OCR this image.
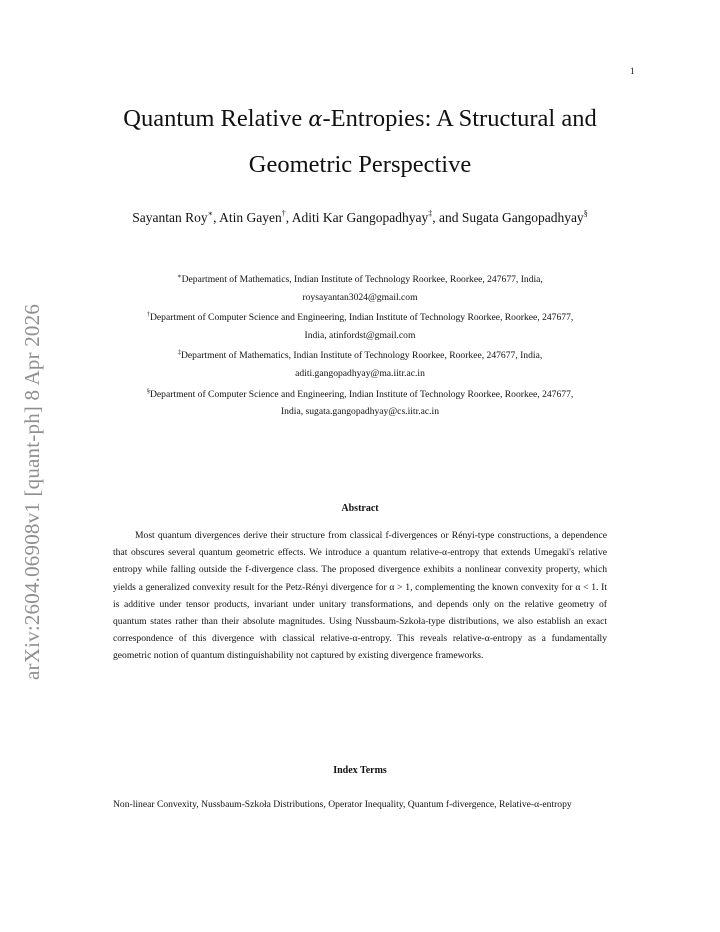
1
arXiv:2604.06908v1 [quant-ph] 8 Apr 2026
Quantum Relative α-Entropies: A Structural and Geometric Perspective
Sayantan Roy∗, Atin Gayen†, Aditi Kar Gangopadhyay‡, and Sugata Gangopadhyay§
∗Department of Mathematics, Indian Institute of Technology Roorkee, Roorkee, 247677, India,
roysayantan3024@gmail.com
†Department of Computer Science and Engineering, Indian Institute of Technology Roorkee, Roorkee, 247677,
India, atinfordst@gmail.com
‡Department of Mathematics, Indian Institute of Technology Roorkee, Roorkee, 247677, India,
aditi.gangopadhyay@ma.iitr.ac.in
§Department of Computer Science and Engineering, Indian Institute of Technology Roorkee, Roorkee, 247677,
India, sugata.gangopadhyay@cs.iitr.ac.in
Abstract

Most quantum divergences derive their structure from classical f-divergences or Rényi-type constructions, a dependence that obscures several quantum geometric effects. We introduce a quantum relative-α-entropy that extends Umegaki's relative entropy while falling outside the f-divergence class. The proposed divergence exhibits a nonlinear convexity property, which yields a generalized convexity result for the Petz-Rényi divergence for α > 1, complementing the known convexity for α < 1. It is additive under tensor products, invariant under unitary transformations, and depends only on the relative geometry of quantum states rather than their absolute magnitudes. Using Nussbaum-Szkoła-type distributions, we also establish an exact correspondence of this divergence with classical relative-α-entropy. This reveals relative-α-entropy as a fundamentally geometric notion of quantum distinguishability not captured by existing divergence frameworks.

Index Terms

Non-linear Convexity, Nussbaum-Szkoła Distributions, Operator Inequality, Quantum f-divergence, Relative-α-entropy
